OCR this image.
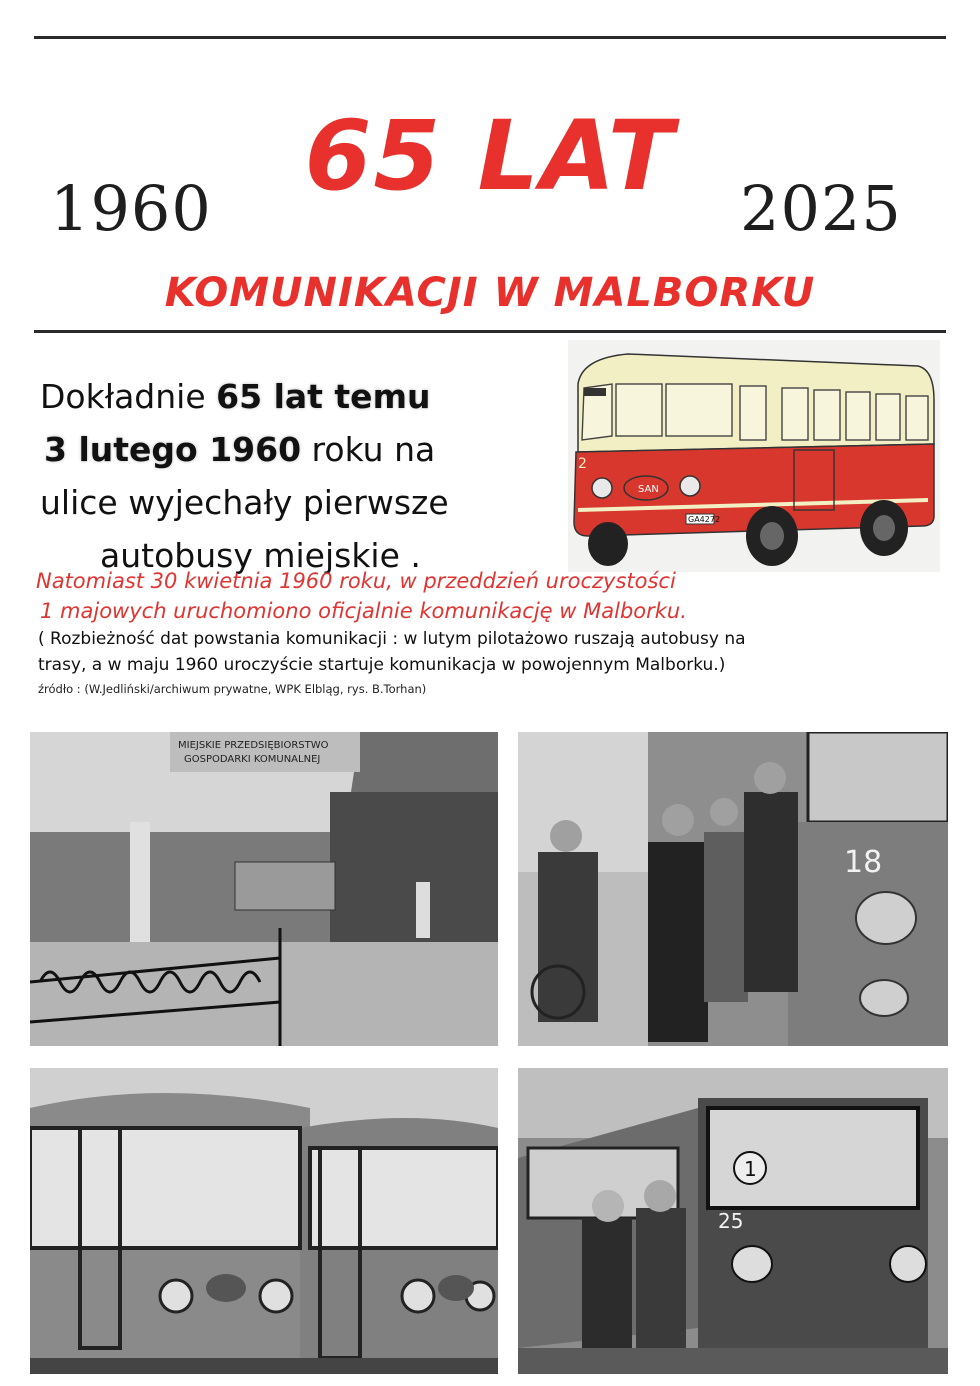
1960 65 LAT	2025
KOMUNIKACJI W MALBORKU
Dokładnie 65 lat temu
3 lutego 1960 roku na
ulice wyjechały pierwsze
autobusy miejskie .
SAN
2
GA4272
Natomiast 30 kwietnia 1960 roku, w przeddzień uroczystości
1 majowych uruchomiono oficjalnie komunikację w Malborku.
( Rozbieżność dat powstania komunikacji : w lutym pilotażowo ruszają autobusy na
trasy, a w maju 1960 uroczyście startuje komunikacja w powojennym Malborku.)
źródło : (W.Jedliński/archiwum prywatne, WPK Elbląg, rys. B.Torhan)
MIEJSKIE PRZEDSIĘBIORSTWO
GOSPODARKI KOMUNALNEJ
18
1
25
